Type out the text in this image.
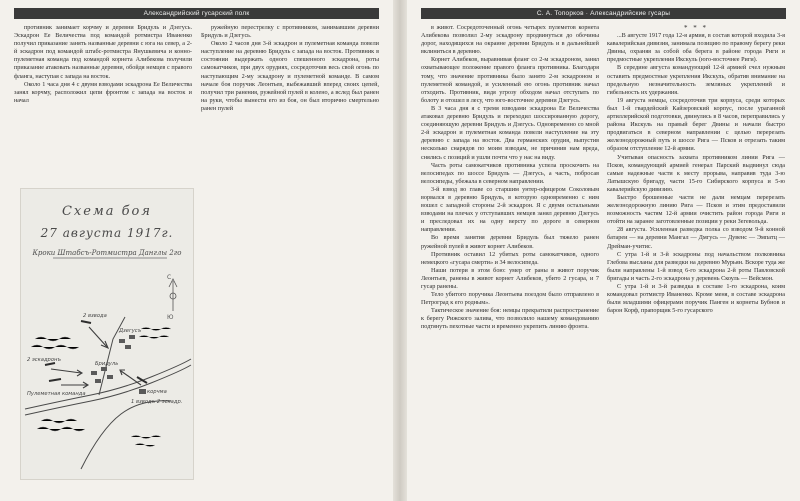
Александрийский гусарский полк

противник занимает корчму и деревни Бридуль и Дзегусь. Эскадрон Ее Величества под командой ротмистра Иваненко получил приказание занять названные деревни с юга на север, а 2-й эскадрон под командой штабс-ротмистра Янушкевича и конно-пулеметная команда под командой корнета Алибекова получили приказание атаковать названные деревни, обойдя немцев с правого фланга, наступая с запада на восток.

Около 1 часа дня 4 с двумя взводами эскадрона Ее Величества занял корчму, расположил цепи фронтом с запада на восток и начал

ружейную перестрелку с противником, занимавшим деревни Бридуль и Дзегусь.

Около 2 часов дня 3-й эскадрон и пулеметная команда повели наступление на деревню Бридуль с запада на восток. Противник в состоянии выдержать одного спешенного эскадрона, роты самокатчиков, при двух орудиях, сосредоточив весь свой огонь по наступающим 2-му эскадрону и пулеметной команде. В самом начале боя поручик Леонтьев, выбежавший вперед своих цепей, получил три ранения, ружейной пулей в колено, а вслед был ранен на руки, чтобы вынести его из боя, он был вторично смертельно ранен пулей

Схема боя
27 августа 1917г.
Кроки Штабсъ-Ротмистра Данглы 2го
С
Ю
2 взвода
Бридуль
Дзегусъ
2 эскадронъ
Пулеметная команда
1 взводъ 2 эскадр.
корчма
С. А. Топорков · Александрийские гусары

в живот. Сосредоточенный огонь четырех пулеметов корнета Алибекова позволил 2-му эскадрону продвинуться до обочины дорог, находящихся на окраине деревни Бридуль и в дальнейшей вклиниться в деревню.

Корнет Алибеков, выравнивая фланг со 2-м эскадроном, занял охватывающее положение правого фланга противника. Благодаря тому, что значение противника было занято 2-м эскадроном и пулеметной командой, и усиленный ею огонь противник начал отходить. Противник, видя угрозу обходом начал отступать по болоту и отошел в лесу, что юго-восточнее деревни Дзегусь.

В 3 часа дня я с тремя взводами эскадрона Ее Величества атаковал деревню Бридуль и переходил шоссированную дорогу, соединяющую деревни Бридуль и Дзегусь. Одновременно со мной 2-й эскадрон и пулеметная команда повели наступление на эту деревню с запада на восток. Два германских орудия, выпустив несколько снарядов по моим взводам, не причинив нам вреда, снялись с позиций и ушли почти что у нас на виду.

Часть роты самокатчиков противника успела проскочить на велосипедах по шоссе Бридуль — Дзегусь, а часть, побросав велосипеды, убежала в северном направлении.

3-й взвод во главе со старшим унтер-офицером Соколовым ворвался в деревню Бридуль, в которую одновременно с ним вошел с западной стороны 2-й эскадрон. Я с двумя остальными взводами на плечах у отступавших немцев занял деревню Дзегусь и преследовал их на одну версту по дороге в северном направлении.

Во время занятия деревни Бридуль был тяжело ранен ружейной пулей в живот корнет Алибеков.

Противник оставил 12 убитых роты самокатчиков, одного немецкого «гусара смерти» и 34 велосипеда.

Наши потери в этом бою: умер от раны в живот поручик Леонтьев, ранены в живот корнет Алибеков, убито 2 гусара, и 7 гусар ранены.

Тело убитого поручика Леонтьева поездом было отправлено в Петроград к его родным».

Тактическое значение боя: немцы прекратили распространение к берегу Рижского залива, что позволило нашему командованию подтянуть пехотные части и временно укрепить линию фронта.

* * *

...В августе 1917 года 12-я армия, в состав которой входила 3-я кавалерийская дивизия, занимала позицию по правому берегу реки Двины, охраняя за собой оба берега в районе города Риги и предмостные укрепления Икскуль (юго-восточнее Риги).

В середине августа командующий 12-й армией счел нужным оставить предмостные укрепления Икскуль, обратив внимание на предельную незначительность земляных укреплений и гибельность их удержания.

19 августа немцы, сосредоточив три корпуса, среди которых был 1-й гвардейский Кайзеровский корпус, после ураганной артиллерийской подготовки, двинулись в 8 часов, переправились у района Икскуль на правый берег Двины и начали быстро продвигаться в северном направлении с целью перерезать железнодорожный путь и шоссе Рига — Псков и отрезать таким образом отступление 12-й армии.

Учитывая опасность захвата противником линии Рига — Псков, командующий армией генерал Парский выдвинул сюда самые надежные части к месту прорыва, направив туда 3-ю Латышскую бригаду, части 15-го Сибирского корпуса и 5-ю кавалерийскую дивизию.

Быстро брошенные части не дали немцам перерезать железнодорожную линию Рига — Псков и этим предоставили возможность частям 12-й армии очистить район города Риги и отойти на заранее заготовленные позиции у реки Зегевольда.

28 августа. Усиленная разведка полка со взводом 9-й конной батареи — на деревни Мангал — Дмгусь — Дувенс — Эмпатц — Дрейман-учитис.

С утра 1-й и 3-й эскадроны под начальством полковника Глебова высланы для разведки на деревню Мурьян. Вскоре туда же были направлены 1-й взвод 6-го эскадрона 2-й роты Павловской бригады и часть 2-го эскадрона у деревень Скоуль — Вейсмон.

С утра 1-й и 3-й разведка в составе 1-го эскадрона, коим командовал ротмистр Иваненко. Кроме меня, в составе эскадрона были младшими офицерами поручик Панген и корнеты Бубнов и барон Корф, прапорщик 5-го гусарского
